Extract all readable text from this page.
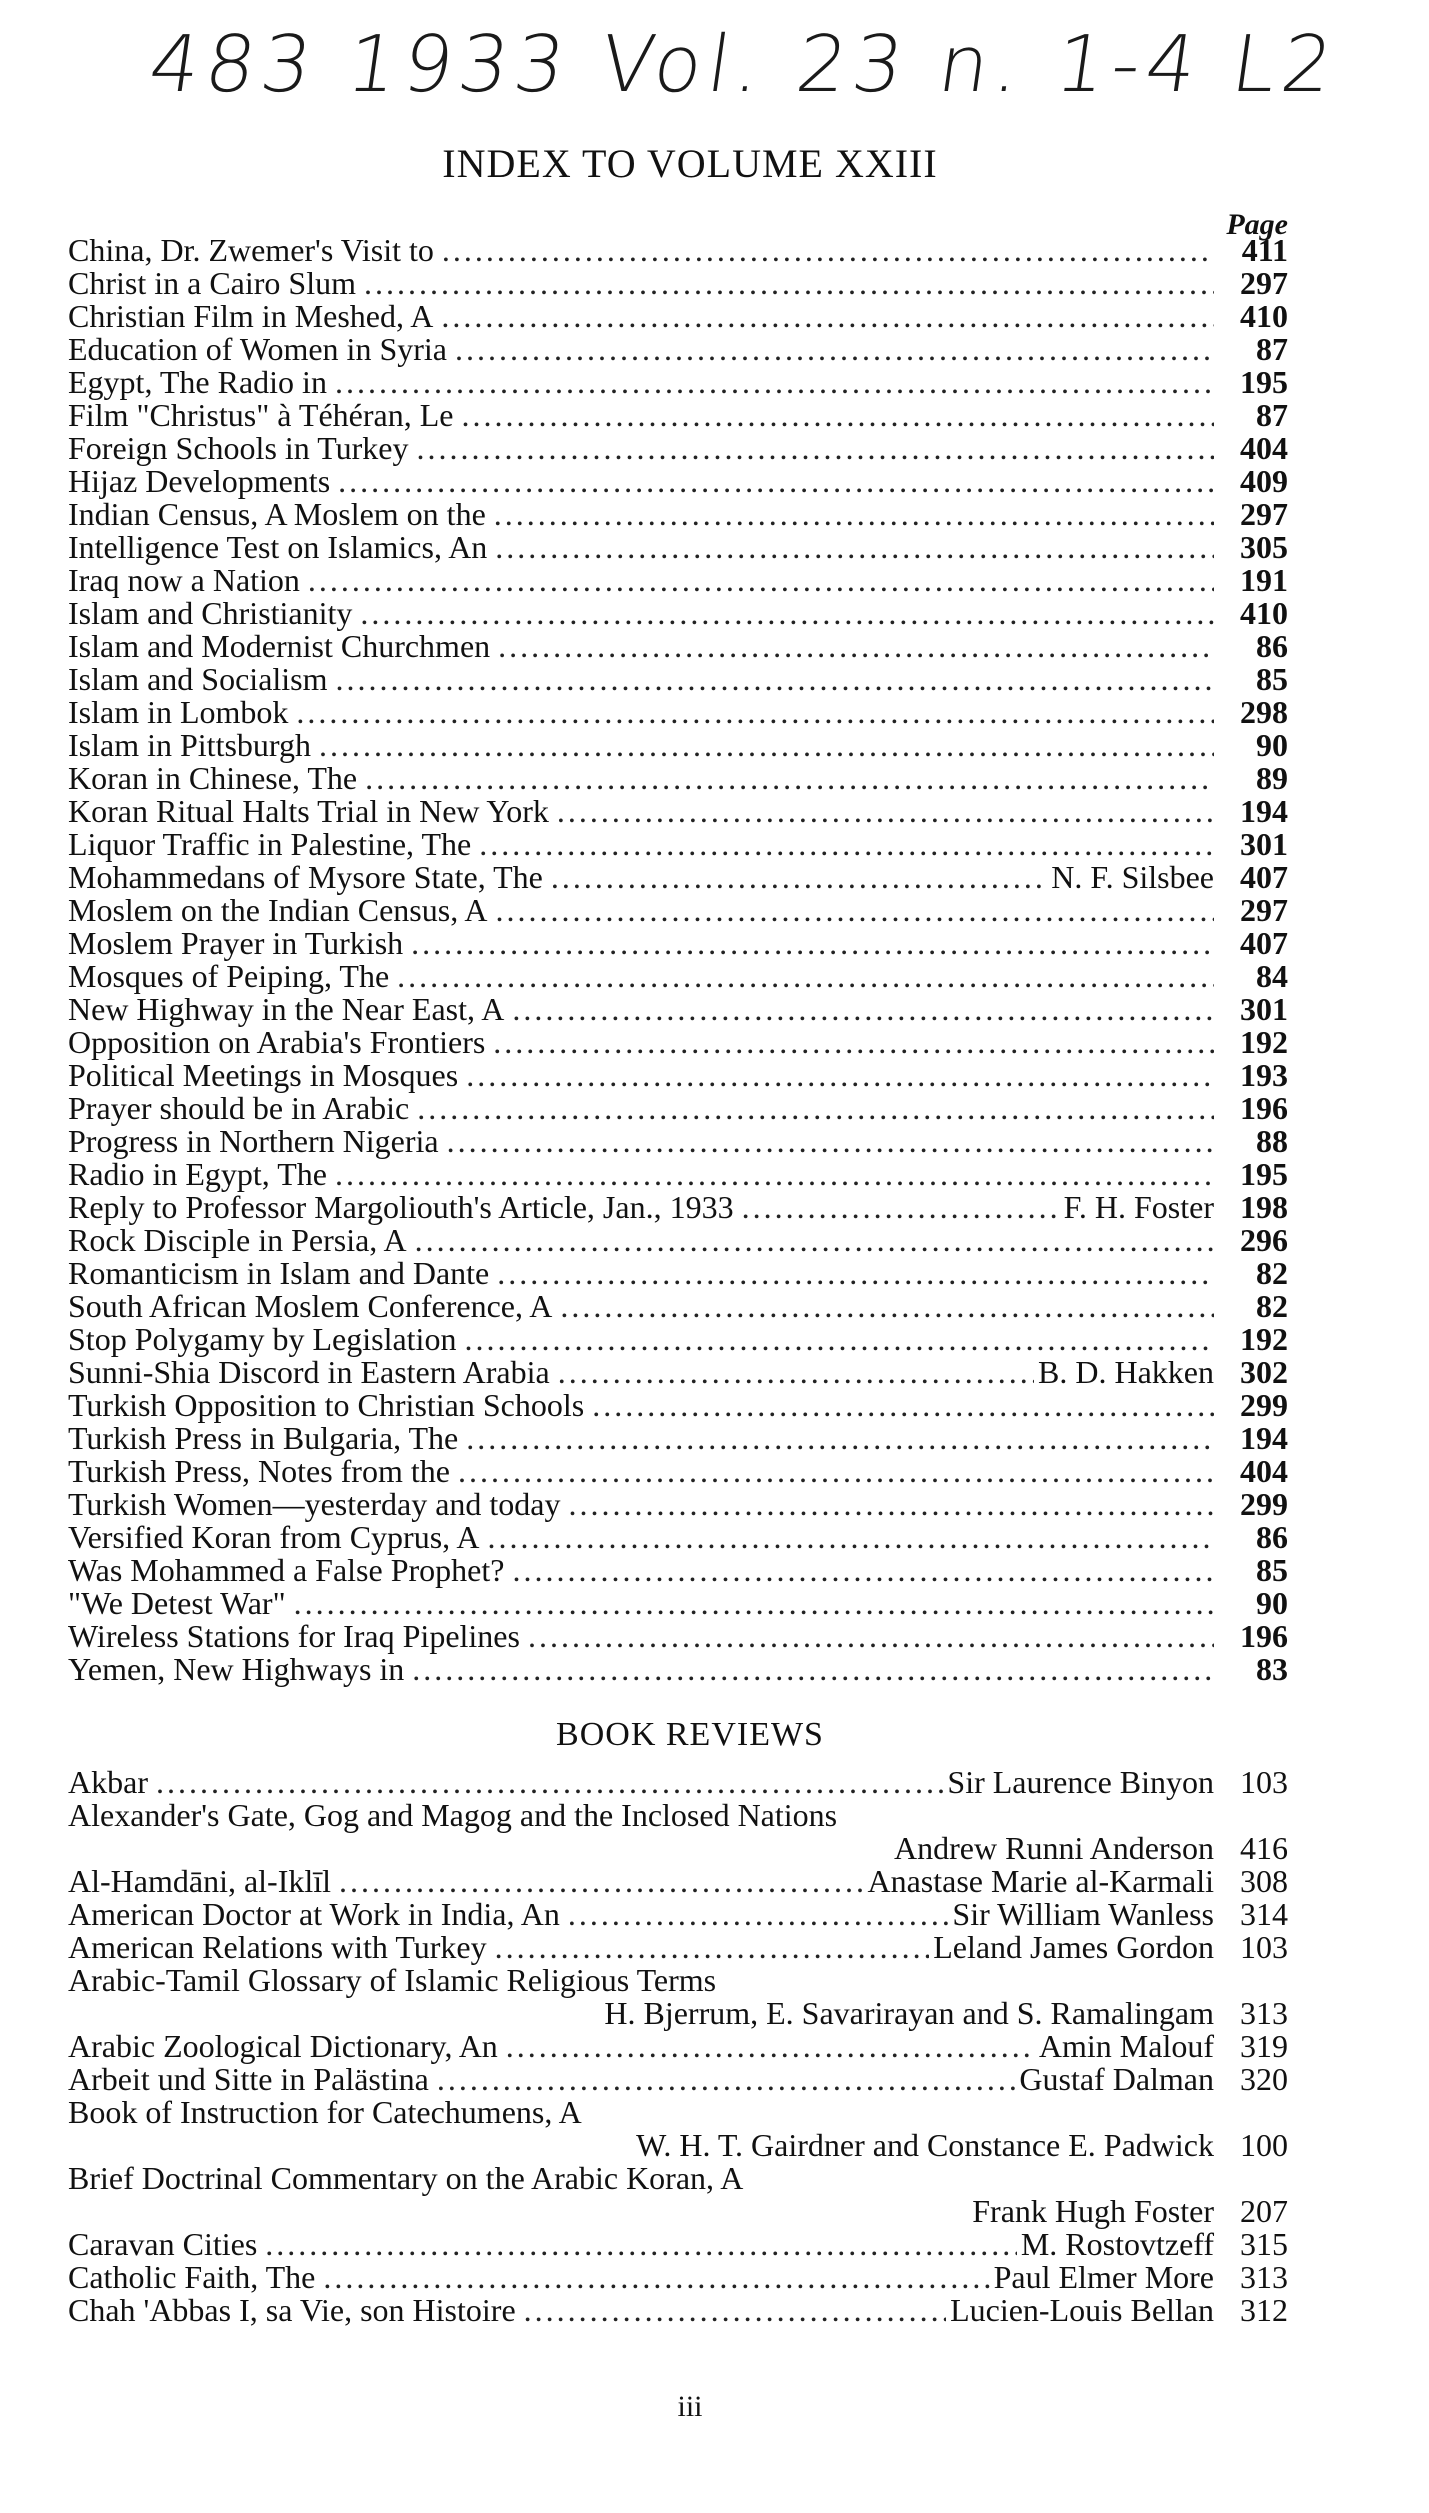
483 1933 Vol. 23 n. 1-4 L2
INDEX TO VOLUME XXIII
Page
China, Dr. Zwemer's Visit to .....	411
Christ in a Cairo Slum .....	297
Christian Film in Meshed, A .....	410
Education of Women in Syria .....	87
Egypt, The Radio in .....	195
Film "Christus" à Téhéran, Le .....	87
Foreign Schools in Turkey .....	404
Hijaz Developments .....	409
Indian Census, A Moslem on the .....	297
Intelligence Test on Islamics, An .....	305
Iraq now a Nation .....	191
Islam and Christianity .....	410
Islam and Modernist Churchmen .....	86
Islam and Socialism .....	85
Islam in Lombok .....	298
Islam in Pittsburgh .....	90
Koran in Chinese, The .....	89
Koran Ritual Halts Trial in New York .....	194
Liquor Traffic in Palestine, The .....	301
Mohammedans of Mysore State, The .....	N. F. Silsbee 407
Moslem on the Indian Census, A .....	297
Moslem Prayer in Turkish .....	407
Mosques of Peiping, The .....	84
New Highway in the Near East, A .....	301
Opposition on Arabia's Frontiers .....	192
Political Meetings in Mosques .....	193
Prayer should be in Arabic .....	196
Progress in Northern Nigeria .....	88
Radio in Egypt, The .....	195
Reply to Professor Margoliouth's Article, Jan., 1933 .....	F. H. Foster 198
Rock Disciple in Persia, A .....	296
Romanticism in Islam and Dante .....	82
South African Moslem Conference, A .....	82
Stop Polygamy by Legislation .....	192
Sunni-Shia Discord in Eastern Arabia .....	B. D. Hakken 302
Turkish Opposition to Christian Schools .....	299
Turkish Press in Bulgaria, The .....	194
Turkish Press, Notes from the .....	404
Turkish Women—yesterday and today .....	299
Versified Koran from Cyprus, A .....	86
Was Mohammed a False Prophet? .....	85
"We Detest War" .....	90
Wireless Stations for Iraq Pipelines .....	196
Yemen, New Highways in .....	83
BOOK REVIEWS
Akbar .....	Sir Laurence Binyon 103
Alexander's Gate, Gog and Magog and the Inclosed Nations
Andrew Runni Anderson 416
Al-Hamdāni, al-Iklīl .....	Anastase Marie al-Karmali 308
American Doctor at Work in India, An .....	Sir William Wanless 314
American Relations with Turkey .....	Leland James Gordon 103
Arabic-Tamil Glossary of Islamic Religious Terms
H. Bjerrum, E. Savarirayan and S. Ramalingam 313
Arabic Zoological Dictionary, An .....	Amin Malouf 319
Arbeit und Sitte in Palästina .....	Gustaf Dalman 320
Book of Instruction for Catechumens, A
W. H. T. Gairdner and Constance E. Padwick 100
Brief Doctrinal Commentary on the Arabic Koran, A
Frank Hugh Foster 207
Caravan Cities .....	M. Rostovtzeff 315
Catholic Faith, The .....	Paul Elmer More 313
Chah 'Abbas I, sa Vie, son Histoire .....	Lucien-Louis Bellan 312
iii
